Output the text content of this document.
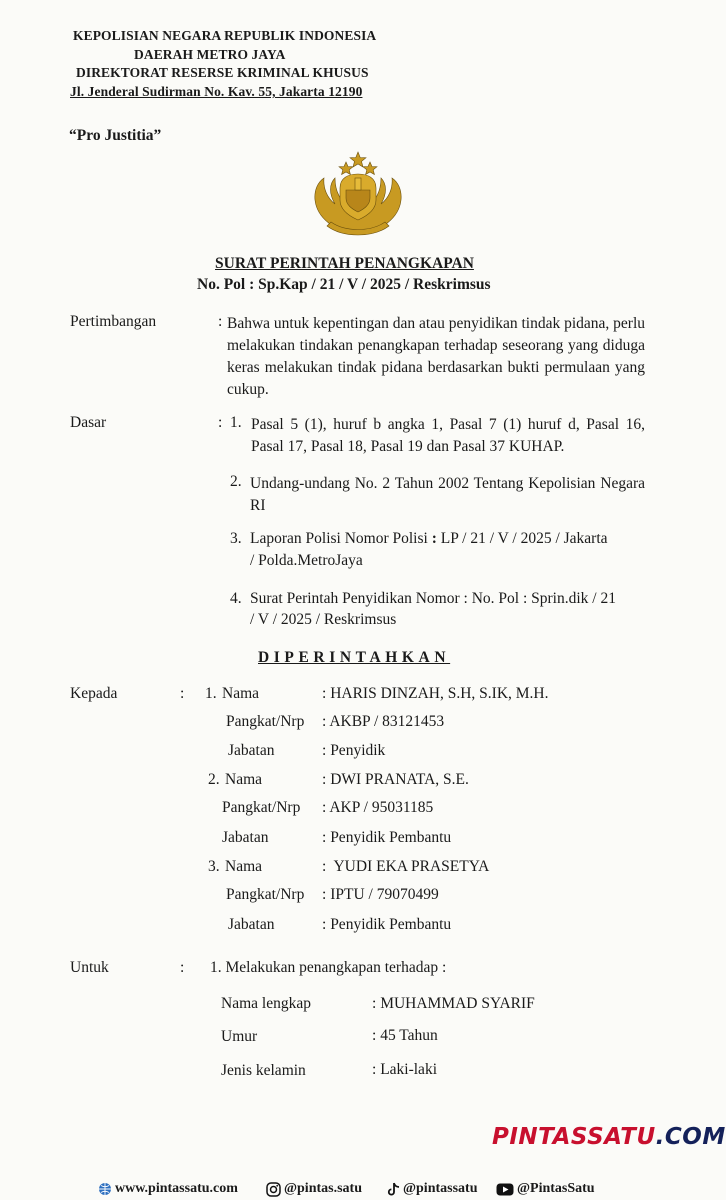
KEPOLISIAN NEGARA REPUBLIK INDONESIA
DAERAH METRO JAYA
DIREKTORAT RESERSE KRIMINAL KHUSUS
Jl. Jenderal Sudirman No. Kav. 55, Jakarta 12190
“Pro Justitia”
SURAT PERINTAH PENANGKAPAN
No. Pol : Sp.Kap / 21 / V / 2025 / Reskrimsus
Pertimbangan	: Bahwa untuk kepentingan dan atau penyidikan tindak pidana, perlu melakukan tindakan penangkapan terhadap seseorang yang diduga keras melakukan tindak pidana berdasarkan bukti permulaan yang cukup.
Dasar	: 1. Pasal 5 (1), huruf b angka 1, Pasal 7 (1) huruf d, Pasal 16, Pasal 17, Pasal 18, Pasal 19 dan Pasal 37 KUHAP.
2. Undang-undang No. 2 Tahun 2002 Tentang Kepolisian Negara RI
3. Laporan Polisi Nomor Polisi : LP / 21 / V / 2025 / Jakarta
/ Polda.MetroJaya
4. Surat Perintah Penyidikan Nomor : No. Pol : Sprin.dik / 21
/ V / 2025 / Reskrimsus
DIPERINTAHKAN
Kepada	: 1. Nama	: HARIS DINZAH, S.H, S.IK, M.H.
Pangkat/Nrp : AKBP / 83121453
Jabatan	: Penyidik
2. Nama	: DWI PRANATA, S.E.
Pangkat/Nrp : AKP / 95031185
Jabatan	: Penyidik Pembantu
3. Nama	:  YUDI EKA PRASETYA
Pangkat/Nrp : IPTU / 79070499
Jabatan	: Penyidik Pembantu
Untuk	: 1. Melakukan penangkapan terhadap :
Nama lengkap	: MUHAMMAD SYARIF
Umur	: 45 Tahun
Jenis kelamin	: Laki-laki
PINTASSATU.COM
www.pintassatu.com	@pintas.satu	@pintassatu	@PintasSatu
